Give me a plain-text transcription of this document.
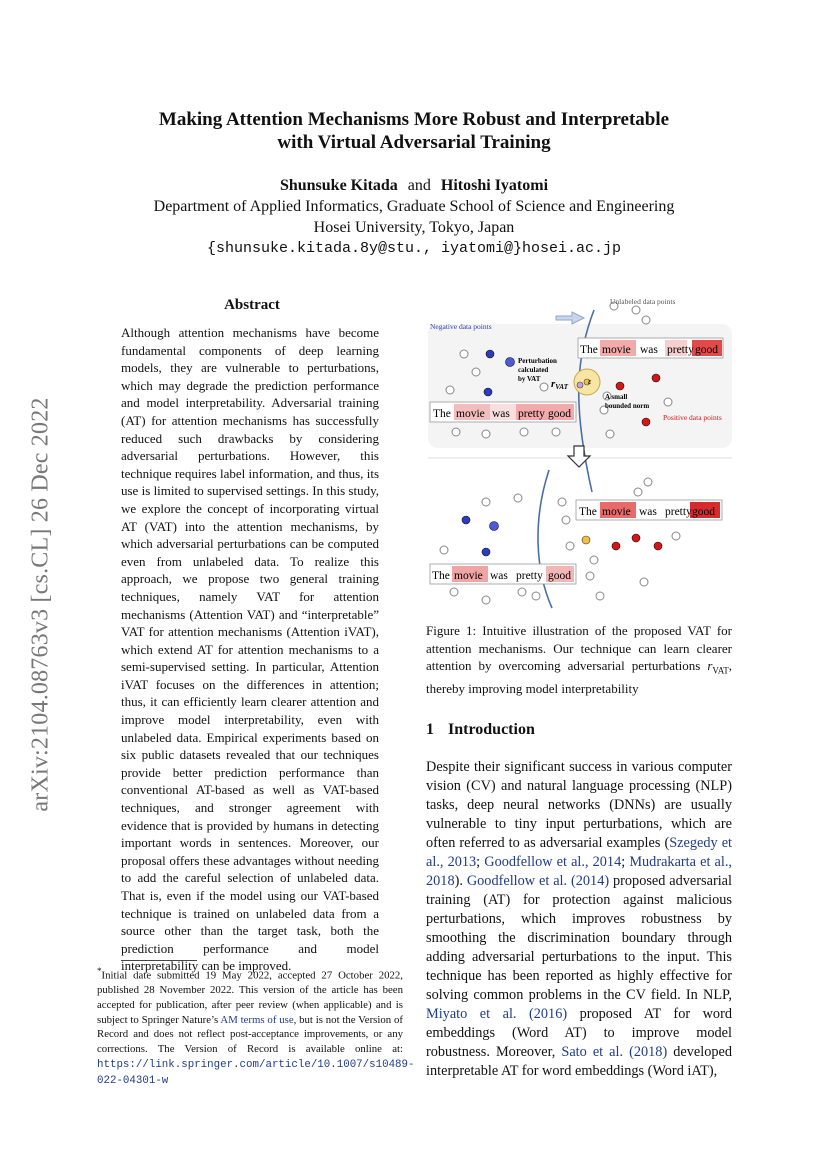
arXiv:2104.08763v3 [cs.CL] 26 Dec 2022
Making Attention Mechanisms More Robust and Interpretable
with Virtual Adversarial Training
Shunsuke Kitada and Hitoshi Iyatomi
Department of Applied Informatics, Graduate School of Science and Engineering
Hosei University, Tokyo, Japan
{shunsuke.kitada.8y@stu., iyatomi@}hosei.ac.jp
Abstract
Although attention mechanisms have become fundamental components of deep learning models, they are vulnerable to perturbations, which may degrade the prediction performance and model interpretability. Adversarial training (AT) for attention mechanisms has successfully reduced such drawbacks by considering adversarial perturbations. However, this technique requires label information, and thus, its use is limited to supervised settings. In this study, we explore the concept of incorporating virtual AT (VAT) into the attention mechanisms, by which adversarial perturbations can be computed even from unlabeled data. To realize this approach, we propose two general training techniques, namely VAT for attention mechanisms (Attention VAT) and “interpretable” VAT for attention mechanisms (Attention iVAT), which extend AT for attention mechanisms to a semi-supervised setting. In particular, Attention iVAT focuses on the differences in attention; thus, it can efficiently learn clearer attention and improve model interpretability, even with unlabeled data. Empirical experiments based on six public datasets revealed that our techniques provide better prediction performance than conventional AT-based as well as VAT-based techniques, and stronger agreement with evidence that is provided by humans in detecting important words in sentences. Moreover, our proposal offers these advantages without needing to add the careful selection of unlabeled data. That is, even if the model using our VAT-based technique is trained on unlabeled data from a source other than the target task, both the prediction performance and model interpretability can be improved.
*Initial date submitted 19 May 2022, accepted 27 October 2022, published 28 November 2022. This version of the article has been accepted for publication, after peer review (when applicable) and is subject to Springer Nature’s AM terms of use, but is not the Version of Record and does not reflect post-acceptance improvements, or any corrections. The Version of Record is available online at: https://link.springer.com/article/10.1007/s10489-022-04301-w
Unlabeled data points
Negative data points
Positive data points
Perturbation calculated by VAT
A small bounded norm
rVAT
ε
The movie was pretty good
The movie was pretty good
The movie was pretty good
The movie was pretty good
Figure 1: Intuitive illustration of the proposed VAT for attention mechanisms. Our technique can learn clearer attention by overcoming adversarial perturbations $r_{VAT}$, thereby improving model interpretability
1 Introduction
Despite their significant success in various computer vision (CV) and natural language processing (NLP) tasks, deep neural networks (DNNs) are usually vulnerable to tiny input perturbations, which are often referred to as adversarial examples (Szegedy et al., 2013; Goodfellow et al., 2014; Mudrakarta et al., 2018). Goodfellow et al. (2014) proposed adversarial training (AT) for protection against malicious perturbations, which improves robustness by smoothing the discrimination boundary through adding adversarial perturbations to the input. This technique has been reported as highly effective for solving common problems in the CV field. In NLP, Miyato et al. (2016) proposed AT for word embeddings (Word AT) to improve model robustness. Moreover, Sato et al. (2018) developed interpretable AT for word embeddings (Word iAT),
